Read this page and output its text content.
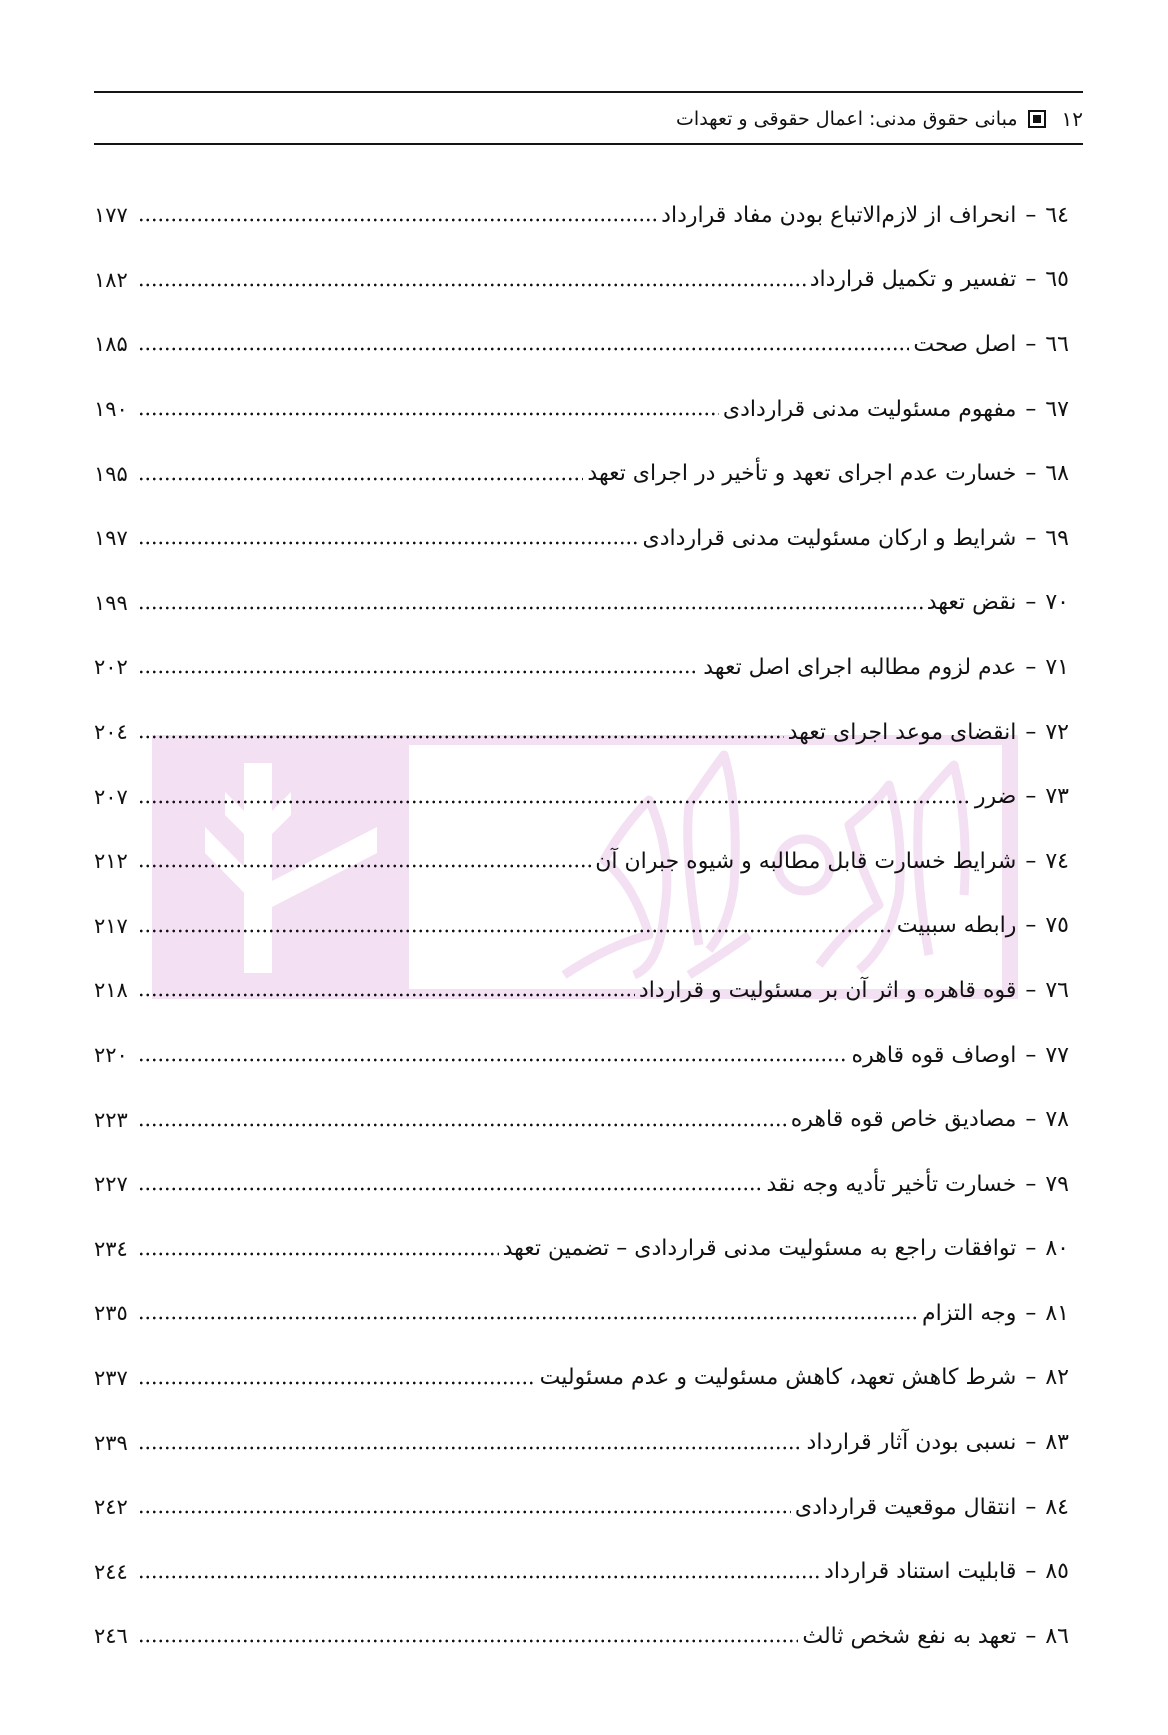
۱۲
مبانی حقوق مدنی: اعمال حقوقی و تعهدات
٦٤
–
انحراف از لازم‌الاتباع بودن مفاد قرارداد
۱۷۷
٦٥
–
تفسیر و تکمیل قرارداد
۱۸۲
٦٦
–
اصل صحت
۱۸۵
٦٧
–
مفهوم مسئولیت مدنی قراردادی
۱۹۰
٦٨
–
خسارت عدم اجرای تعهد و تأخیر در اجرای تعهد
۱۹۵
٦٩
–
شرایط و ارکان مسئولیت مدنی قراردادی
۱۹۷
۷۰
–
نقض تعهد
۱۹۹
۷۱
–
عدم لزوم مطالبه اجرای اصل تعهد
۲۰۲
۷۲
–
انقضای موعد اجرای تعهد
۲۰٤
۷۳
–
ضرر
۲۰۷
۷٤
–
شرایط خسارت قابل مطالبه و شیوه جبران آن
۲۱۲
۷٥
–
رابطه سببیت
۲۱۷
۷٦
–
قوه قاهره و اثر آن بر مسئولیت و قرارداد
۲۱۸
۷۷
–
اوصاف قوه قاهره
۲۲۰
۷۸
–
مصادیق خاص قوه قاهره
۲۲۳
۷۹
–
خسارت تأخیر تأدیه وجه نقد
۲۲۷
۸۰
–
توافقات راجع به مسئولیت مدنی قراردادی – تضمین تعهد
۲۳٤
۸۱
–
وجه التزام
۲۳٥
۸۲
–
شرط کاهش تعهد، کاهش مسئولیت و عدم مسئولیت
۲۳۷
۸۳
–
نسبی بودن آثار قرارداد
۲۳۹
۸٤
–
انتقال موقعیت قراردادی
۲٤۲
۸٥
–
قابلیت استناد قرارداد
۲٤٤
۸٦
–
تعهد به نفع شخص ثالث
۲٤٦
